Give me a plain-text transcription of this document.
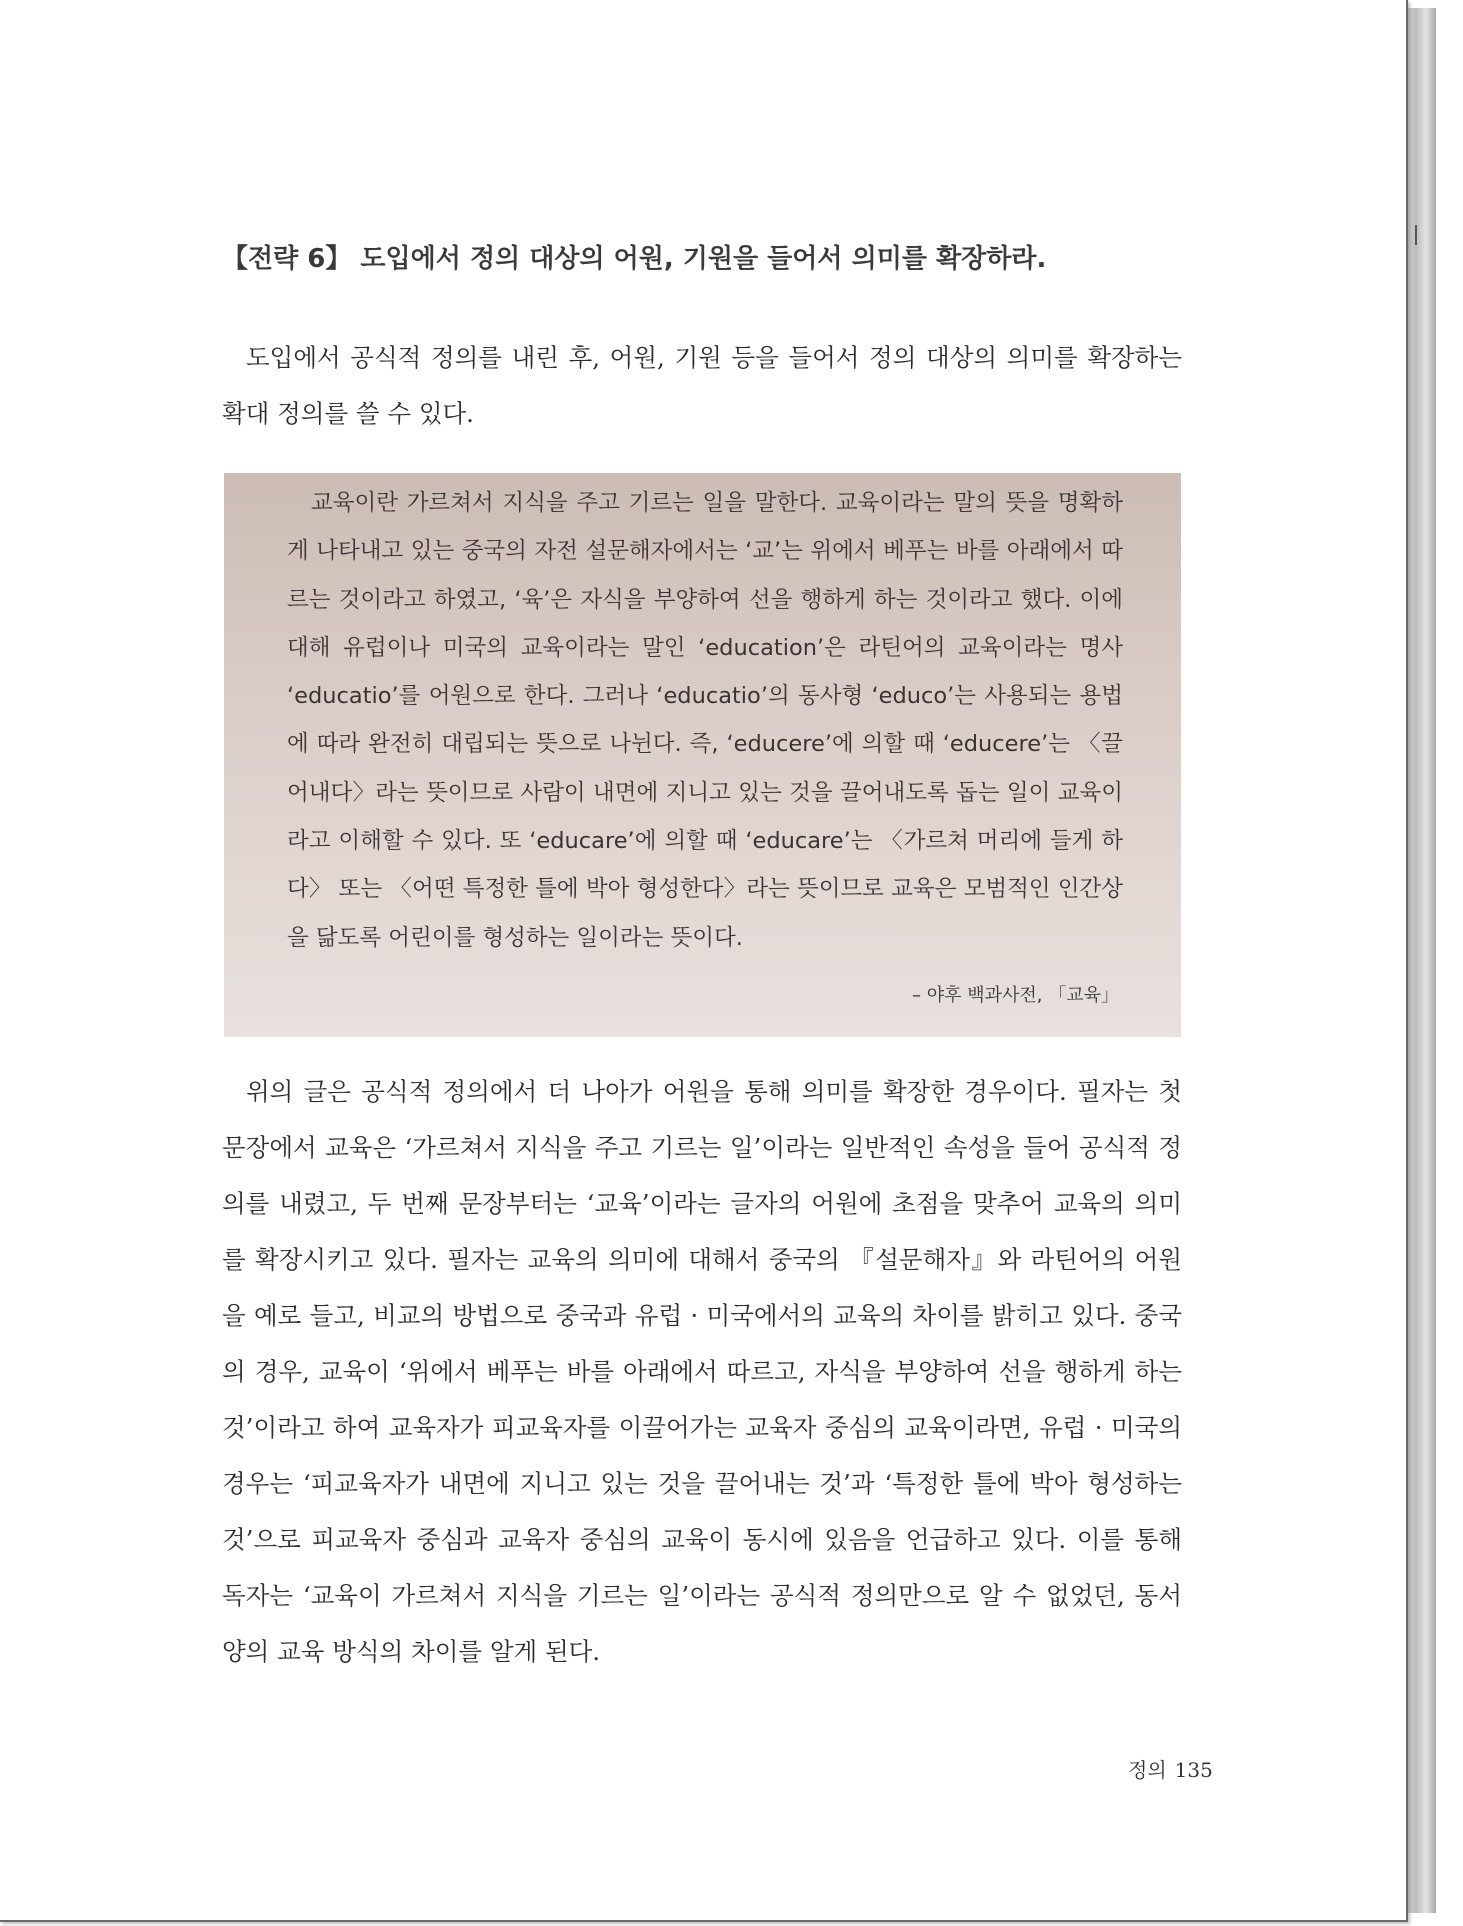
【전략 6】 도입에서 정의 대상의 어원, 기원을 들어서 의미를 확장하라.

도입에서 공식적 정의를 내린 후, 어원, 기원 등을 들어서 정의 대상의 의미를 확장하는 확대 정의를 쓸 수 있다.

교육이란 가르쳐서 지식을 주고 기르는 일을 말한다. 교육이라는 말의 뜻을 명확하게 나타내고 있는 중국의 자전 설문해자에서는 ‘교’는 위에서 베푸는 바를 아래에서 따르는 것이라고 하였고, ‘육’은 자식을 부양하여 선을 행하게 하는 것이라고 했다. 이에 대해 유럽이나 미국의 교육이라는 말인 ‘education’은 라틴어의 교육이라는 명사 ‘educatio’를 어원으로 한다. 그러나 ‘educatio’의 동사형 ‘educo’는 사용되는 용법에 따라 완전히 대립되는 뜻으로 나뉜다. 즉, ‘educere’에 의할 때 ‘educere’는 〈끌어내다〉라는 뜻이므로 사람이 내면에 지니고 있는 것을 끌어내도록 돕는 일이 교육이라고 이해할 수 있다. 또 ‘educare’에 의할 때 ‘educare’는 〈가르쳐 머리에 들게 하다〉 또는 〈어떤 특정한 틀에 박아 형성한다〉라는 뜻이므로 교육은 모범적인 인간상을 닮도록 어린이를 형성하는 일이라는 뜻이다.

– 야후 백과사전, 「교육」

위의 글은 공식적 정의에서 더 나아가 어원을 통해 의미를 확장한 경우이다. 필자는 첫 문장에서 교육은 ‘가르쳐서 지식을 주고 기르는 일’이라는 일반적인 속성을 들어 공식적 정의를 내렸고, 두 번째 문장부터는 ‘교육’이라는 글자의 어원에 초점을 맞추어 교육의 의미를 확장시키고 있다. 필자는 교육의 의미에 대해서 중국의 『설문해자』와 라틴어의 어원을 예로 들고, 비교의 방법으로 중국과 유럽 · 미국에서의 교육의 차이를 밝히고 있다. 중국의 경우, 교육이 ‘위에서 베푸는 바를 아래에서 따르고, 자식을 부양하여 선을 행하게 하는 것’이라고 하여 교육자가 피교육자를 이끌어가는 교육자 중심의 교육이라면, 유럽 · 미국의 경우는 ‘피교육자가 내면에 지니고 있는 것을 끌어내는 것’과 ‘특정한 틀에 박아 형성하는 것’으로 피교육자 중심과 교육자 중심의 교육이 동시에 있음을 언급하고 있다. 이를 통해 독자는 ‘교육이 가르쳐서 지식을 기르는 일’이라는 공식적 정의만으로 알 수 없었던, 동서양의 교육 방식의 차이를 알게 된다.

정의 135
